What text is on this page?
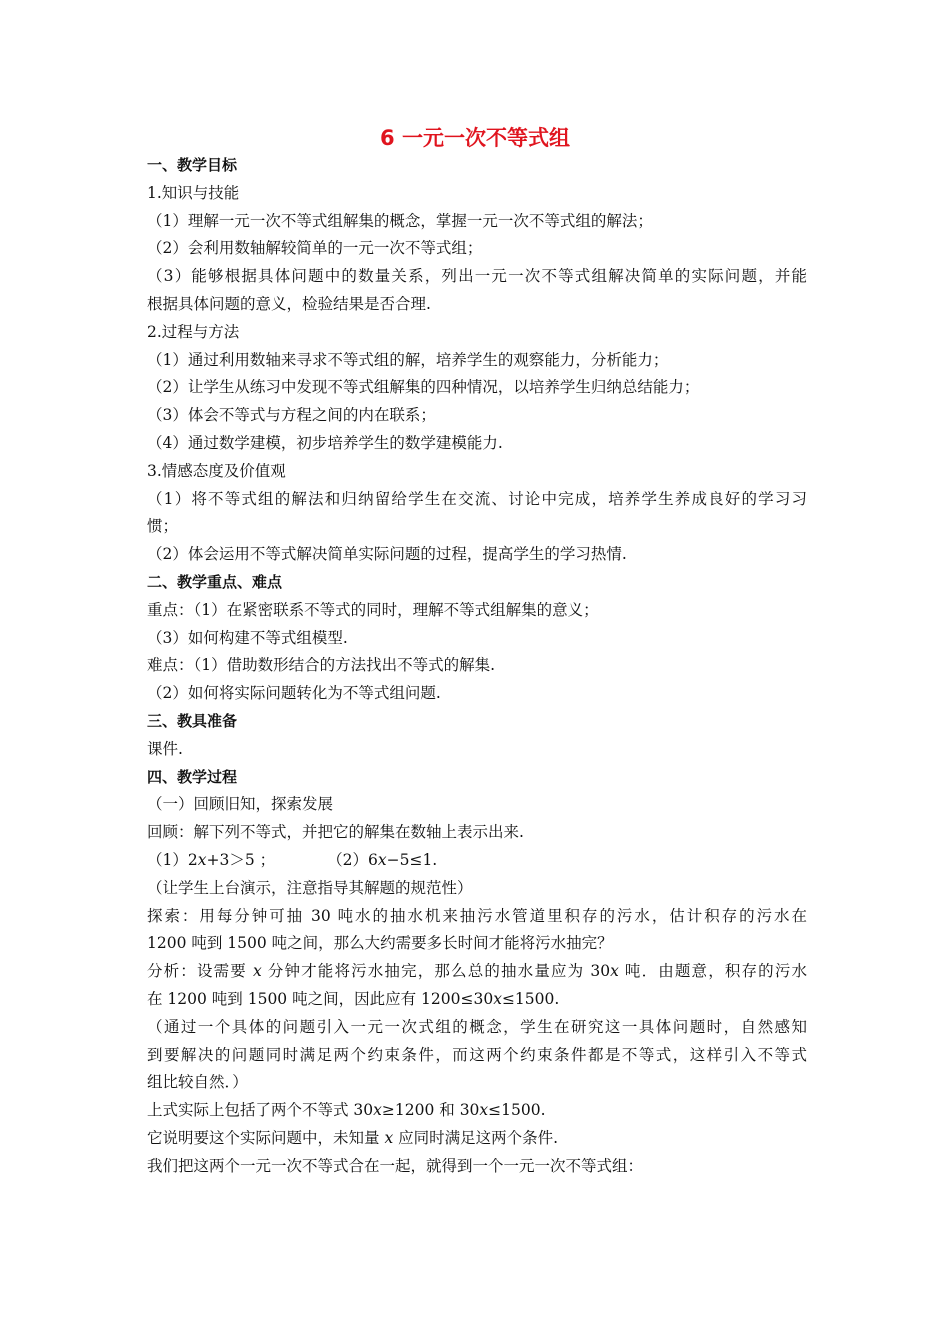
6 一元一次不等式组
一、教学目标
1.知识与技能
（1）理解一元一次不等式组解集的概念，掌握一元一次不等式组的解法；
（2）会利用数轴解较简单的一元一次不等式组；
（3）能够根据具体问题中的数量关系，列出一元一次不等式组解决简单的实际问题，并能
根据具体问题的意义，检验结果是否合理.
2.过程与方法
（1）通过利用数轴来寻求不等式组的解，培养学生的观察能力，分析能力；
（2）让学生从练习中发现不等式组解集的四种情况，以培养学生归纳总结能力；
（3）体会不等式与方程之间的内在联系；
（4）通过数学建模，初步培养学生的数学建模能力.
3.情感态度及价值观
（1）将不等式组的解法和归纳留给学生在交流、讨论中完成，培养学生养成良好的学习习
惯；
（2）体会运用不等式解决简单实际问题的过程，提高学生的学习热情.
二、教学重点、难点
重点：（1）在紧密联系不等式的同时，理解不等式组解集的意义；
（3）如何构建不等式组模型.
难点：（1）借助数形结合的方法找出不等式的解集.
（2）如何将实际问题转化为不等式组问题.
三、教具准备
课件.
四、教学过程
（一）回顾旧知，探索发展
回顾：解下列不等式，并把它的解集在数轴上表示出来.
（1）2x+3＞5 ；	（2）6x−5≤1.
（让学生上台演示，注意指导其解题的规范性）
探索：用每分钟可抽 30 吨水的抽水机来抽污水管道里积存的污水，估计积存的污水在
1200 吨到 1500 吨之间，那么大约需要多长时间才能将污水抽完？
分析：设需要 x 分钟才能将污水抽完，那么总的抽水量应为 30x 吨．由题意，积存的污水
在 1200 吨到 1500 吨之间，因此应有 1200≤30x≤1500.
（通过一个具体的问题引入一元一次式组的概念，学生在研究这一具体问题时，自然感知
到要解决的问题同时满足两个约束条件，而这两个约束条件都是不等式，这样引入不等式
组比较自然．）
上式实际上包括了两个不等式 30x≥1200 和 30x≤1500.
它说明要这个实际问题中，未知量 x 应同时满足这两个条件.
我们把这两个一元一次不等式合在一起，就得到一个一元一次不等式组：
